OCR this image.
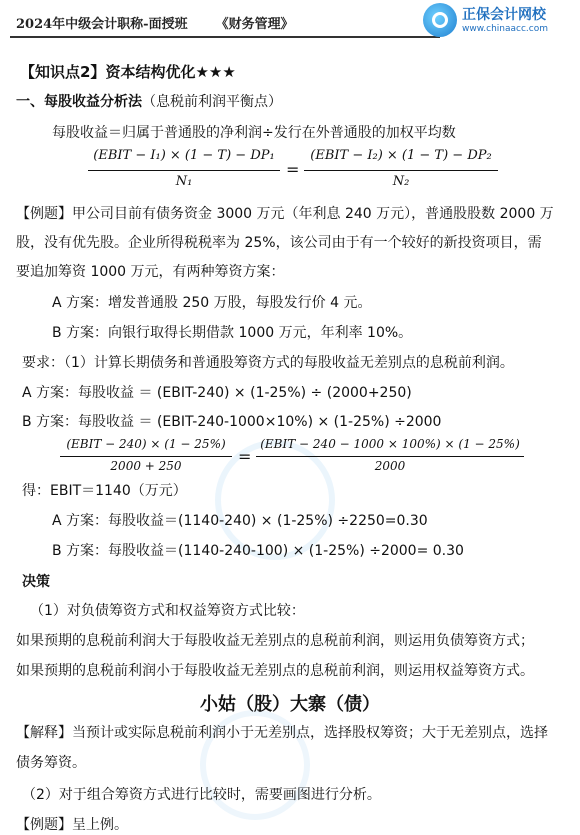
2024年中级会计职称-面授班 《财务管理》
正保会计网校
www.chinaacc.com
【知识点2】资本结构优化★★★
一、每股收益分析法（息税前利润平衡点）
每股收益＝归属于普通股的净利润÷发行在外普通股的加权平均数
(EBIT − I₁) × (1 − T) − DP₁
N₁
=
(EBIT − I₂) × (1 − T) − DP₂
N₂
【例题】甲公司目前有债务资金 3000 万元（年利息 240 万元），普通股股数 2000 万
股，没有优先股。企业所得税税率为 25%，该公司由于有一个较好的新投资项目，需
要追加筹资 1000 万元，有两种筹资方案：
A 方案：增发普通股 250 万股，每股发行价 4 元。
B 方案：向银行取得长期借款 1000 万元，年利率 10%。
要求：（1）计算长期债务和普通股筹资方式的每股收益无差别点的息税前利润。
A 方案：每股收益 ＝ (EBIT-240) × (1-25%) ÷ (2000+250)
B 方案：每股收益 ＝ (EBIT-240-1000×10%) × (1-25%) ÷2000
(EBIT − 240) × (1 − 25%)
2000 + 250	=
(EBIT − 240 − 1000 × 100%) × (1 − 25%)
2000
得：EBIT＝1140（万元）
A 方案：每股收益＝(1140-240) × (1-25%) ÷2250=0.30
B 方案：每股收益＝(1140-240-100) × (1-25%) ÷2000= 0.30
决策
（1）对负债筹资方式和权益筹资方式比较：
如果预期的息税前利润大于每股收益无差别点的息税前利润，则运用负债筹资方式；
如果预期的息税前利润小于每股收益无差别点的息税前利润，则运用权益筹资方式。
小姑（股）大寨（债）
【解释】当预计或实际息税前利润小于无差别点，选择股权筹资；大于无差别点，选择
债务筹资。
（2）对于组合筹资方式进行比较时，需要画图进行分析。
【例题】呈上例。
